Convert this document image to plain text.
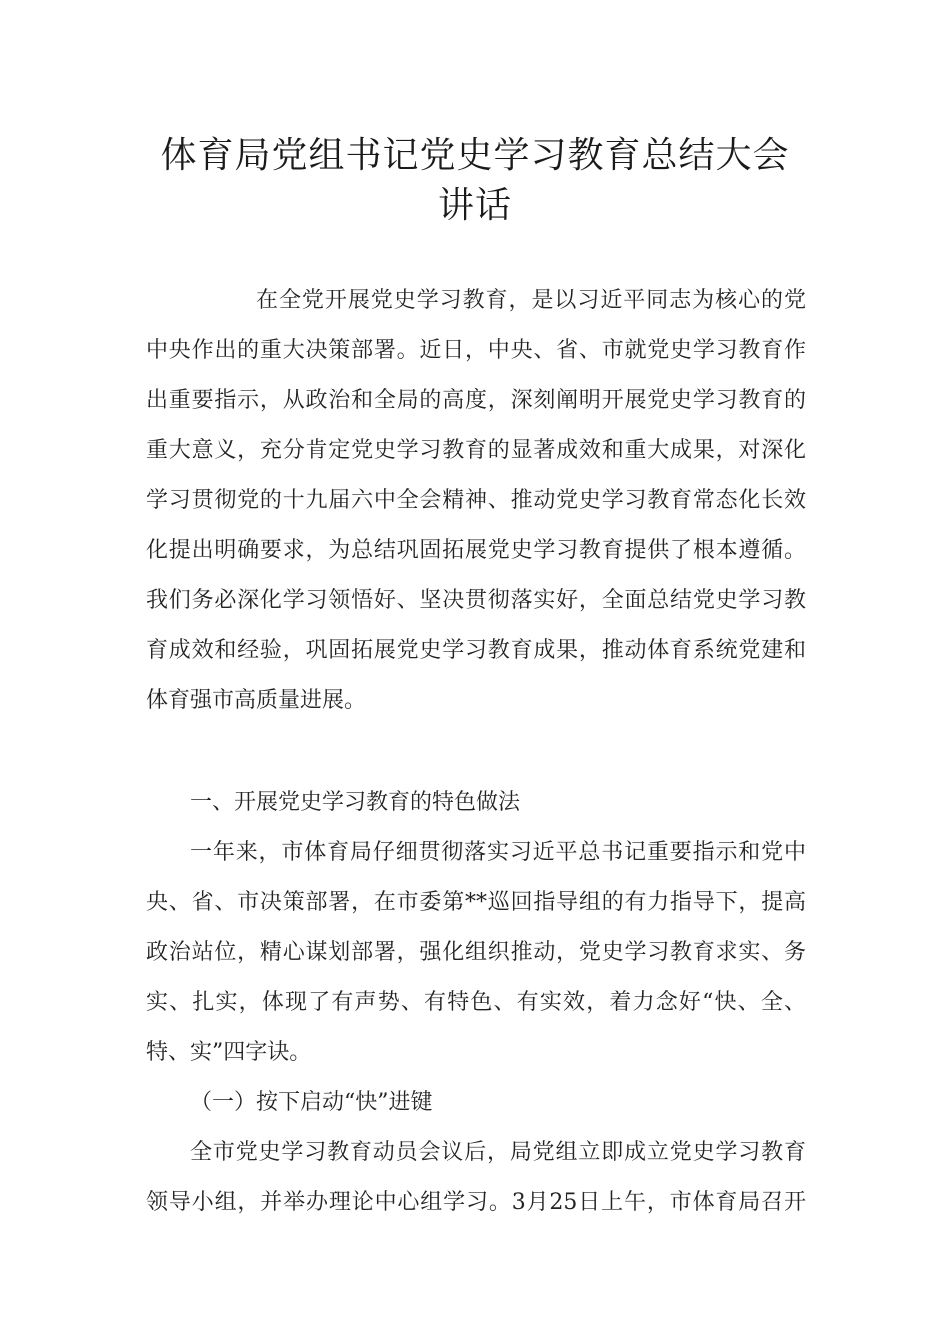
体育局党组书记党史学习教育总结大会
讲话
在全党开展党史学习教育，是以习近平同志为核心的党
中央作出的重大决策部署。近日，中央、省、市就党史学习教育作
出重要指示，从政治和全局的高度，深刻阐明开展党史学习教育的
重大意义，充分肯定党史学习教育的显著成效和重大成果，对深化
学习贯彻党的十九届六中全会精神、推动党史学习教育常态化长效
化提出明确要求，为总结巩固拓展党史学习教育提供了根本遵循。
我们务必深化学习领悟好、坚决贯彻落实好，全面总结党史学习教
育成效和经验，巩固拓展党史学习教育成果，推动体育系统党建和
体育强市高质量进展。
一、开展党史学习教育的特色做法
一年来，市体育局仔细贯彻落实习近平总书记重要指示和党中
央、省、市决策部署，在市委第**巡回指导组的有力指导下，提高
政治站位，精心谋划部署，强化组织推动，党史学习教育求实、务
实、扎实，体现了有声势、有特色、有实效，着力念好“快、全、
特、实”四字诀。
（一）按下启动“快”进键
全市党史学习教育动员会议后，局党组立即成立党史学习教育
领导小组，并举办理论中心组学习。3月25日上午，市体育局召开
